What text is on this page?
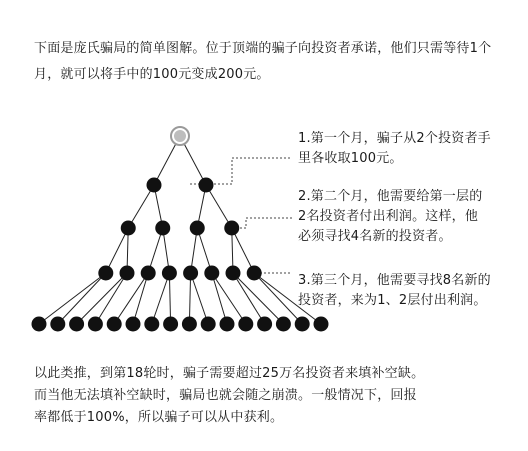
下面是庞氏骗局的简单图解。位于顶端的骗子向投资者承诺，他们只需等待1个
月，就可以将手中的100元变成200元。
1.第一个月，骗子从2个投资者手
里各收取100元。
2.第二个月，他需要给第一层的
2名投资者付出利润。这样，他
必须寻找4名新的投资者。
3.第三个月，他需要寻找8名新的
投资者，来为1、2层付出利润。
以此类推，到第18轮时，骗子需要超过25万名投资者来填补空缺。
而当他无法填补空缺时，骗局也就会随之崩溃。一般情况下，回报
率都低于100%，所以骗子可以从中获利。
